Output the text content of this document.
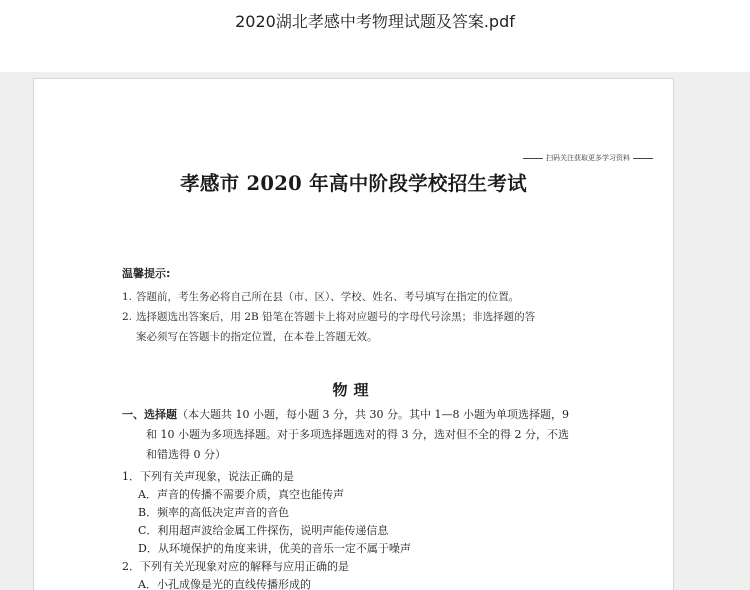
2020湖北孝感中考物理试题及答案.pdf
扫码关注获取更多学习资料
孝感市 2020 年高中阶段学校招生考试
温馨提示:
1. 答题前，考生务必将自己所在县（市、区）、学校、姓名、考号填写在指定的位置。
2. 选择题选出答案后，用 2B 铅笔在答题卡上将对应题号的字母代号涂黑；非选择题的答
案必须写在答题卡的指定位置，在本卷上答题无效。
物理
一、选择题（本大题共 10 小题，每小题 3 分，共 30 分。其中 1—8 小题为单项选择题，9
和 10 小题为多项选择题。对于多项选择题选对的得 3 分，选对但不全的得 2 分，不选
和错选得 0 分）
1．下列有关声现象，说法正确的是
A．声音的传播不需要介质，真空也能传声
B．频率的高低决定声音的音色
C．利用超声波给金属工件探伤，说明声能传递信息
D．从环境保护的角度来讲，优美的音乐一定不属于噪声
2．下列有关光现象对应的解释与应用正确的是
A．小孔成像是光的直线传播形成的
